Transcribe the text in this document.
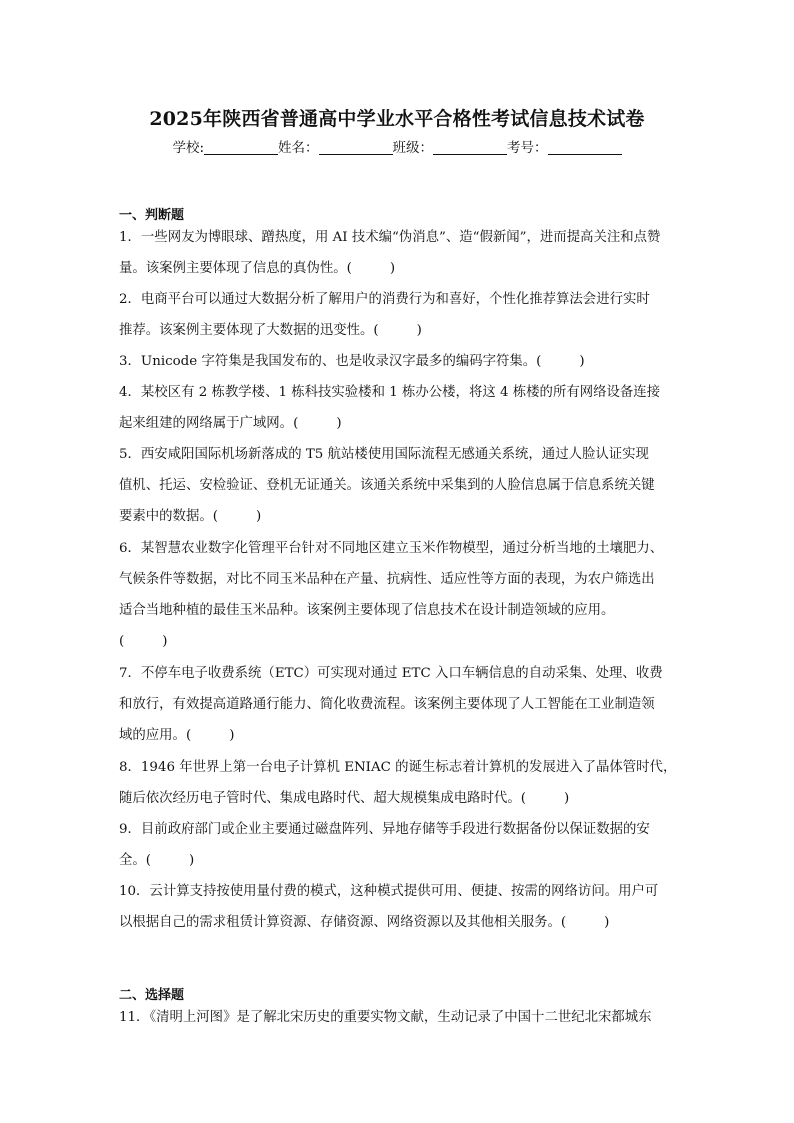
2025年陕西省普通高中学业水平合格性考试信息技术试卷
学校:	姓名：	班级：	考号：
一、判断题
1．一些网友为博眼球、蹭热度，用 AI 技术编“伪消息”、造“假新闻”，进而提高关注和点赞
量。该案例主要体现了信息的真伪性。(	)
2．电商平台可以通过大数据分析了解用户的消费行为和喜好，个性化推荐算法会进行实时
推荐。该案例主要体现了大数据的迅变性。(	)
3．Unicode 字符集是我国发布的、也是收录汉字最多的编码字符集。(	)
4．某校区有 2 栋教学楼、1 栋科技实验楼和 1 栋办公楼，将这 4 栋楼的所有网络设备连接
起来组建的网络属于广域网。(	)
5．西安咸阳国际机场新落成的 T5 航站楼使用国际流程无感通关系统，通过人脸认证实现
值机、托运、安检验证、登机无证通关。该通关系统中采集到的人脸信息属于信息系统关键
要素中的数据。(	)
6．某智慧农业数字化管理平台针对不同地区建立玉米作物模型，通过分析当地的土壤肥力、
气候条件等数据，对比不同玉米品种在产量、抗病性、适应性等方面的表现，为农户筛选出
适合当地种植的最佳玉米品种。该案例主要体现了信息技术在设计制造领域的应用。
(	)
7．不停车电子收费系统（ETC）可实现对通过 ETC 入口车辆信息的自动采集、处理、收费
和放行，有效提高道路通行能力、简化收费流程。该案例主要体现了人工智能在工业制造领
域的应用。(	)
8．1946 年世界上第一台电子计算机 ENIAC 的诞生标志着计算机的发展进入了晶体管时代，
随后依次经历电子管时代、集成电路时代、超大规模集成电路时代。(	)
9．目前政府部门或企业主要通过磁盘阵列、异地存储等手段进行数据备份以保证数据的安
全。(	)
10．云计算支持按使用量付费的模式，这种模式提供可用、便捷、按需的网络访问。用户可
以根据自己的需求租赁计算资源、存储资源、网络资源以及其他相关服务。(	)
二、选择题
11．《清明上河图》是了解北宋历史的重要实物文献，生动记录了中国十二世纪北宋都城东
